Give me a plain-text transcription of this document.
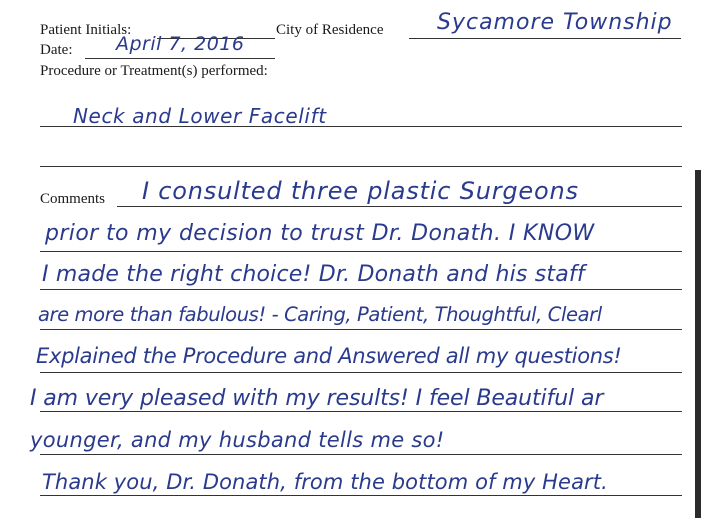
Patient Initials:	City of Residence Sycamore Township
Date: April 7, 2016
Procedure or Treatment(s) performed:
Neck and Lower Facelift
Comments I consulted three plastic Surgeons
prior to my decision to trust Dr. Donath. I KNOW
I made the right choice! Dr. Donath and his staff
are more than fabulous! - Caring, Patient, Thoughtful, Clearl
Explained the Procedure and Answered all my questions!
I am very pleased with my results! I feel Beautiful ar
younger, and my husband tells me so!
Thank you, Dr. Donath, from the bottom of my Heart.
